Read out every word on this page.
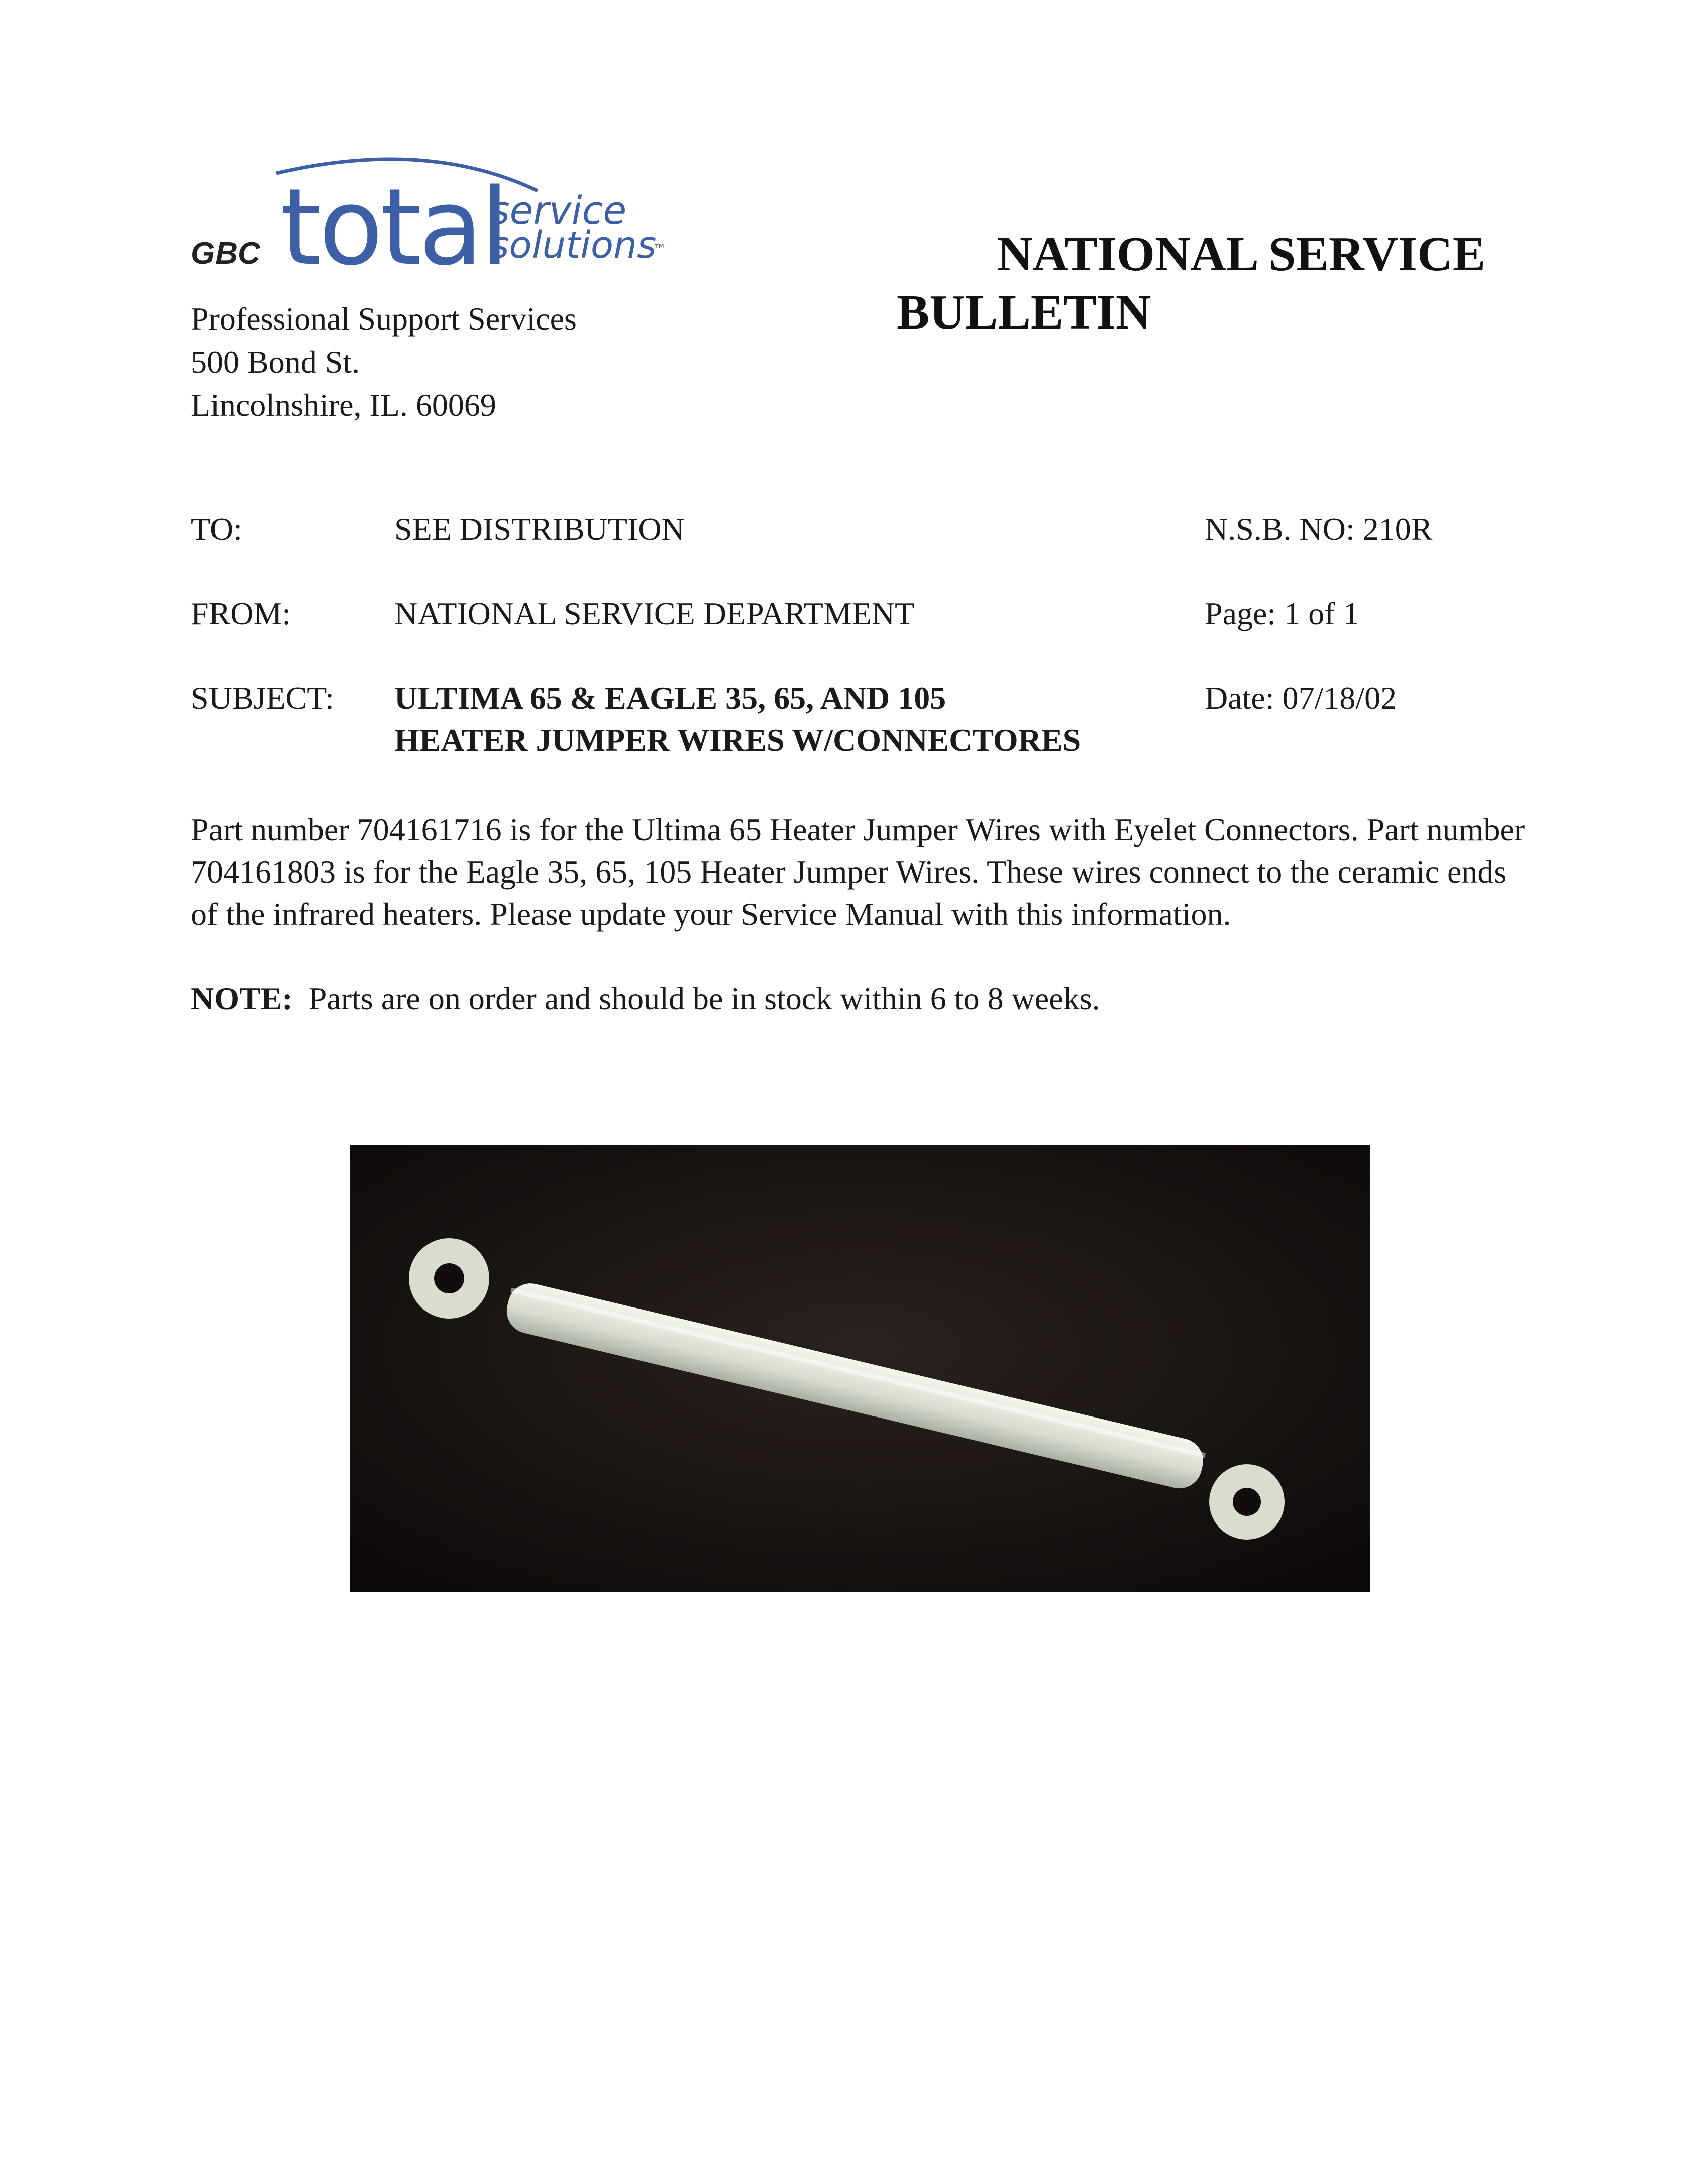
GBC total
service
solutions
™
Professional Support Services
500 Bond St.
Lincolnshire, IL. 60069
NATIONAL SERVICE
BULLETIN
TO:	SEE DISTRIBUTION	N.S.B. NO: 210R
FROM:	NATIONAL SERVICE DEPARTMENT	Page: 1 of 1
SUBJECT: ULTIMA 65 & EAGLE 35, 65, AND 105
HEATER JUMPER WIRES W/CONNECTORES
Date: 07/18/02
Part number 704161716 is for the Ultima 65 Heater Jumper Wires with Eyelet Connectors. Part number
704161803 is for the Eagle 35, 65, 105 Heater Jumper Wires. These wires connect to the ceramic ends
of the infrared heaters. Please update your Service Manual with this information.
NOTE: Parts are on order and should be in stock within 6 to 8 weeks.
